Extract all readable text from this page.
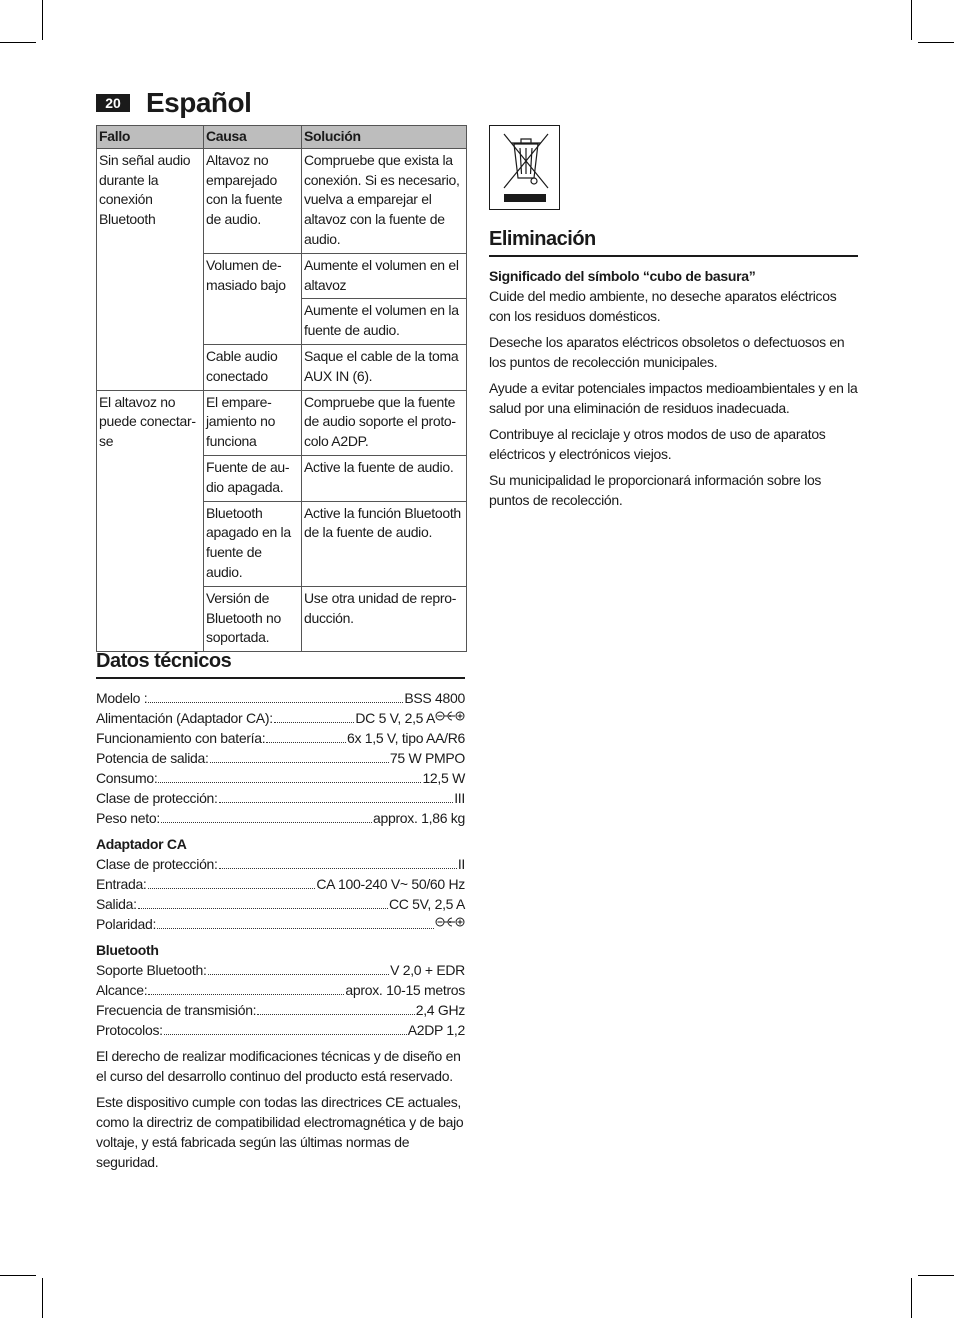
20 Español
Fallo	Causa	Solución
Sin señal audio durante la conexión Bluetooth	Altavoz no emparejado con la fuente de audio.	Compruebe que exista la conexión. Si es necesario, vuelva a emparejar el altavoz con la fuente de audio.
	Volumen demasiado bajo	Aumente el volumen en el altavoz
		Aumente el volumen en la fuente de audio.
	Cable audio conectado	Saque el cable de la toma AUX IN (6).
El altavoz no puede conectarse	El emparejamiento no funciona	Compruebe que la fuente de audio soporte el protocolo A2DP.
	Fuente de audio apagada.	Active la fuente de audio.
	Bluetooth apagado en la fuente de audio.	Active la función Bluetooth de la fuente de audio.
	Versión de Bluetooth no soportada.	Use otra unidad de reproducción.
Datos técnicos
Modelo :	BSS 4800
Alimentación (Adaptador CA):	DC 5 V, 2,5 A
Funcionamiento con batería:	6x 1,5 V, tipo AA/R6
Potencia de salida:	75 W PMPO
Consumo:	12,5 W
Clase de protección:	III
Peso neto:	approx. 1,86 kg
Adaptador CA
Clase de protección:	II
Entrada:	CA 100-240 V~ 50/60 Hz
Salida:	CC 5V, 2,5 A
Polaridad:
Bluetooth
Soporte Bluetooth:	V 2,0 + EDR
Alcance:	aprox. 10-15 metros
Frecuencia de transmisión:	2,4 GHz
Protocolos:	A2DP 1,2

El derecho de realizar modificaciones técnicas y de diseño en el curso del desarrollo continuo del producto está reservado.

Este dispositivo cumple con todas las directrices CE actuales, como la directriz de compatibilidad electromagnética y de bajo voltaje, y está fabricada según las últimas normas de seguridad.

Eliminación
Significado del símbolo “cubo de basura”

Cuide del medio ambiente, no deseche aparatos eléctricos con los residuos domésticos.

Deseche los aparatos eléctricos obsoletos o defectuosos en los puntos de recolección municipales.

Ayude a evitar potenciales impactos medioambientales y en la salud por una eliminación de residuos inadecuada.

Contribuye al reciclaje y otros modos de uso de aparatos eléctricos y electrónicos viejos.

Su municipalidad le proporcionará información sobre los puntos de recolección.
